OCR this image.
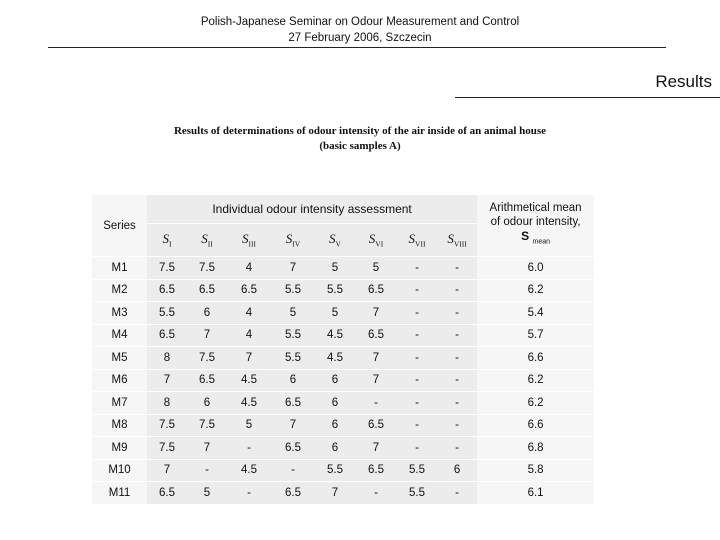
Polish-Japanese Seminar on Odour Measurement and Control
27 February 2006, Szczecin
Results
Results of determinations of odour intensity of the air inside of an animal house
(basic samples A)
Series	Individual odour intensity assessment								Arithmetical mean
of odour intensity,
S $_{mean}$

	$S_I$	$S_{II}$	$S_{III}$	$S_{IV}$	$S_V$	$S_{VI}$	$S_{VII}$	$S_{VIII}$
M1	7.5	7.5	4	7	5	5	-	-	6.0
M2	6.5	6.5	6.5	5.5	5.5	6.5	-	-	6.2
M3	5.5	6	4	5	5	7	-	-	5.4
M4	6.5	7	4	5.5	4.5	6.5	-	-	5.7
M5	8	7.5	7	5.5	4.5	7	-	-	6.6
M6	7	6.5	4.5	6	6	7	-	-	6.2
M7	8	6	4.5	6.5	6	-	-	-	6.2
M8	7.5	7.5	5	7	6	6.5	-	-	6.6
M9	7.5	7	-	6.5	6	7	-	-	6.8
M10	7	-	4.5	-	5.5	6.5	5.5	6	5.8
M11	6.5	5	-	6.5	7	-	5.5	-	6.1
